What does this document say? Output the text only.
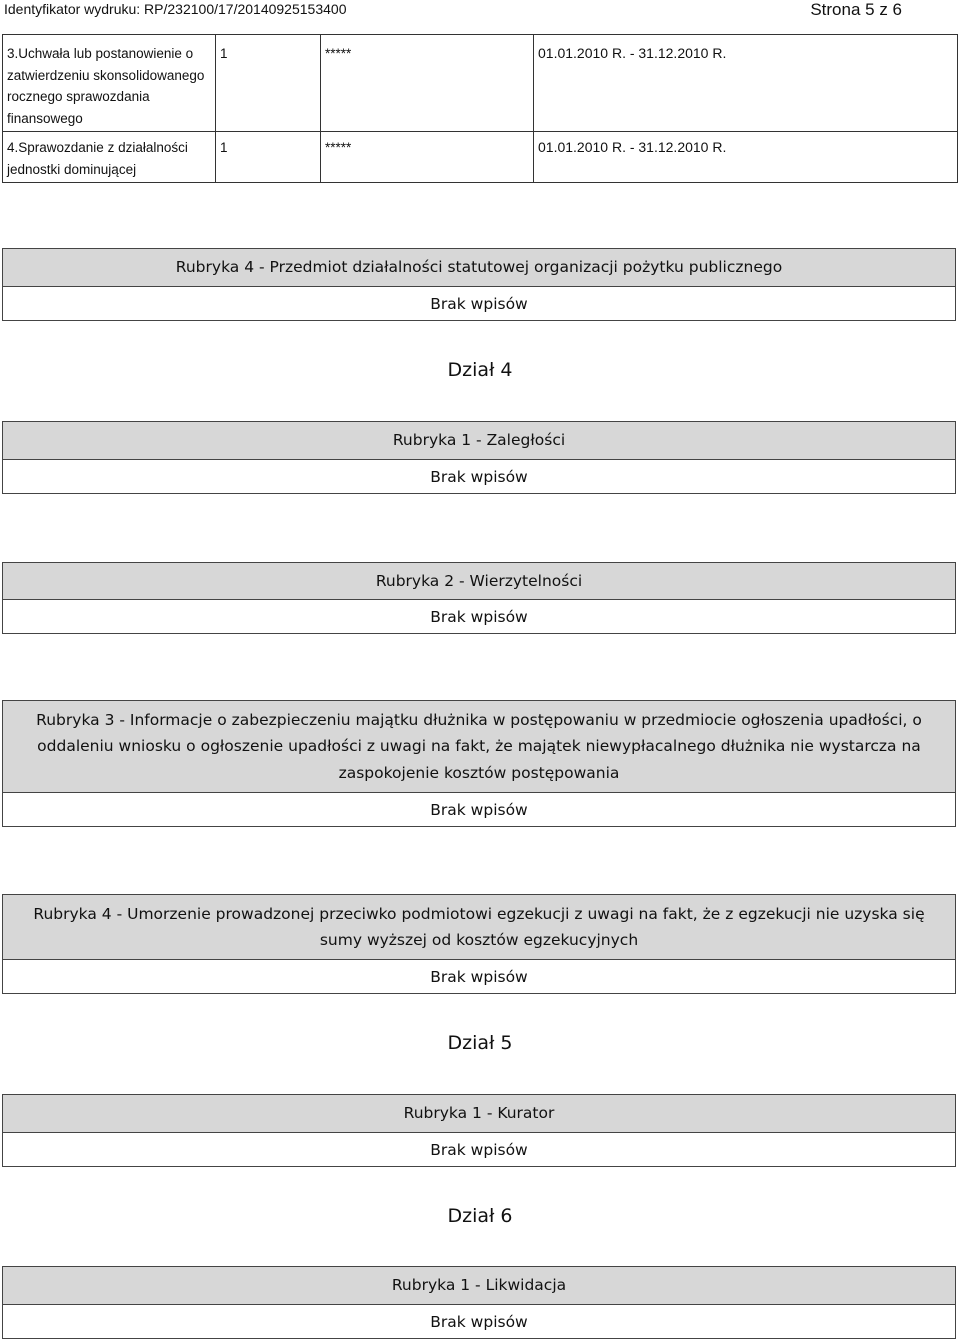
Identyfikator wydruku: RP/232100/17/20140925153400	Strona 5 z 6
3.Uchwała lub postanowienie o zatwierdzeniu skonsolidowanego rocznego sprawozdania finansowego	1	*****	01.01.2010 R. - 31.12.2010 R.
4.Sprawozdanie z działalności jednostki dominującej	1	*****	01.01.2010 R. - 31.12.2010 R.
Rubryka 4 - Przedmiot działalności statutowej organizacji pożytku publicznego
Brak wpisów
Dział 4
Rubryka 1 - Zaległości
Brak wpisów
Rubryka 2 - Wierzytelności
Brak wpisów
Rubryka 3 - Informacje o zabezpieczeniu majątku dłużnika w postępowaniu w przedmiocie ogłoszenia upadłości, o oddaleniu wniosku o ogłoszenie upadłości z uwagi na fakt, że majątek niewypłacalnego dłużnika nie wystarcza na zaspokojenie kosztów postępowania
Brak wpisów
Rubryka 4 - Umorzenie prowadzonej przeciwko podmiotowi egzekucji z uwagi na fakt, że z egzekucji nie uzyska się sumy wyższej od kosztów egzekucyjnych
Brak wpisów
Dział 5
Rubryka 1 - Kurator
Brak wpisów
Dział 6
Rubryka 1 - Likwidacja
Brak wpisów
